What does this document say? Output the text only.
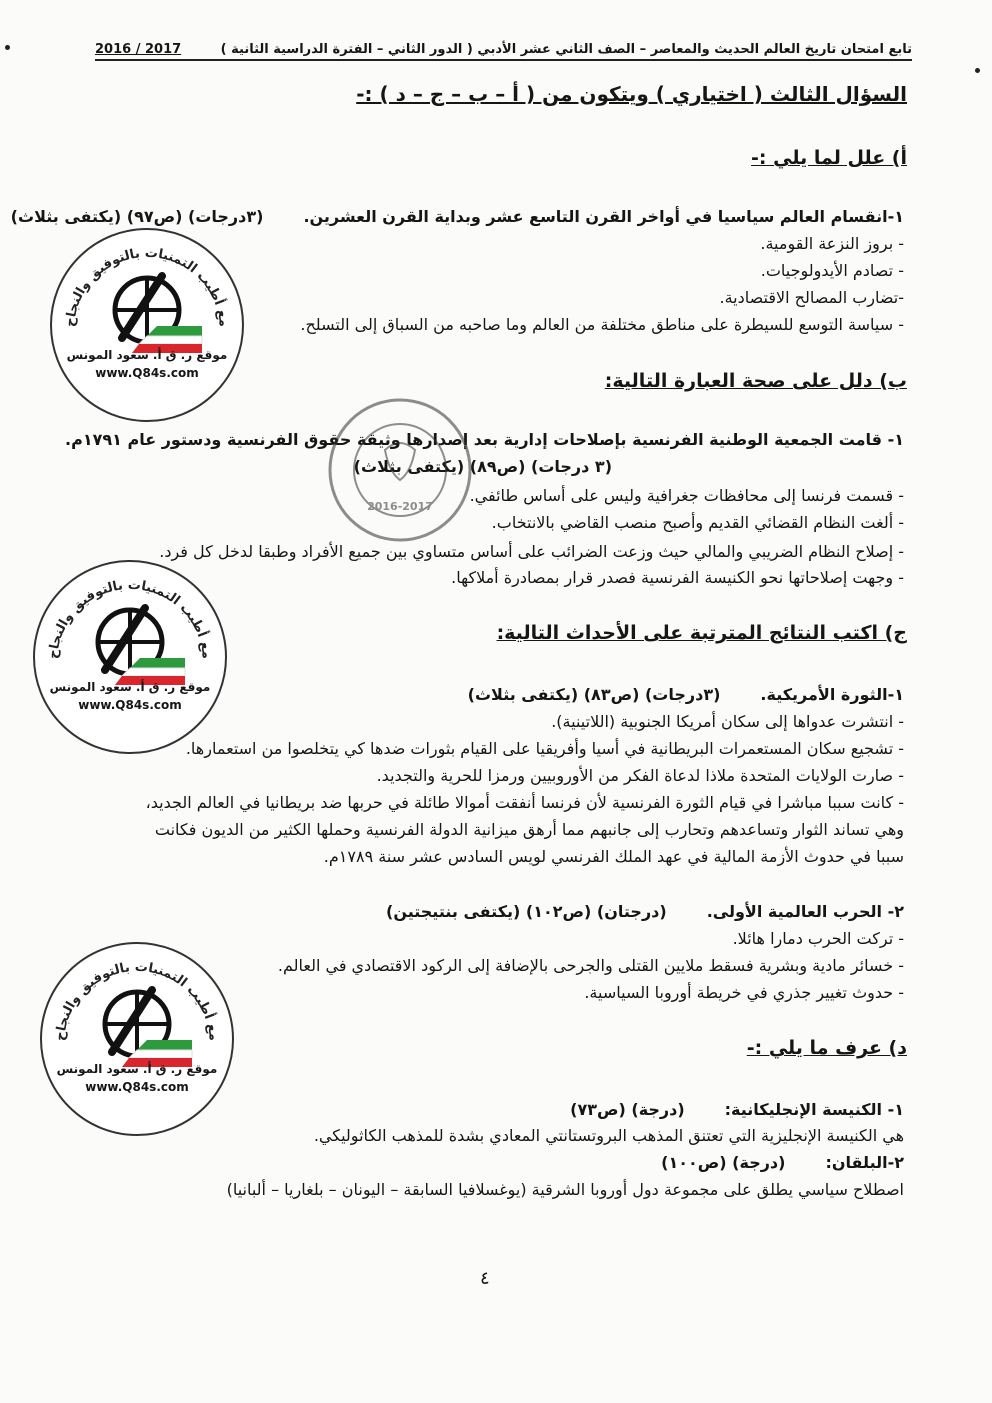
تابع امتحان تاريخ العالم الحديث والمعاصر – الصف الثاني عشر الأدبي ( الدور الثاني – الفترة الدراسية الثانية )
2016 / 2017
السؤال الثالث ( اختياري ) ويتكون من ( أ – ب – ج – د ) :-
أ) علل لما يلي :-
١-انقسام العالم سياسيا في أواخر القرن التاسع عشر وبداية القرن العشرين.(٣درجات) (ص٩٧) (يكتفى بثلاث)
- بروز النزعة القومية.
- تصادم الأيدولوجيات.
-تضارب المصالح الاقتصادية.
- سياسة التوسع للسيطرة على مناطق مختلفة من العالم وما صاحبه من السباق إلى التسلح.
ب) دلل على صحة العبارة التالية:
١- قامت الجمعية الوطنية الفرنسية بإصلاحات إدارية بعد إصدارها وثيقة حقوق الفرنسية ودستور عام ١٧٩١م.
(٣ درجات) (ص٨٩) (يكتفى بثلاث)
- قسمت فرنسا إلى محافظات جغرافية وليس على أساس طائفي.
- ألغت النظام القضائي القديم وأصبح منصب القاضي بالانتخاب.
- إصلاح النظام الضريبي والمالي حيث وزعت الضرائب على أساس متساوي بين جميع الأفراد وطبقا لدخل كل فرد.
- وجهت إصلاحاتها نحو الكنيسة الفرنسية فصدر قرار بمصادرة أملاكها.
ج) اكتب النتائج المترتبة على الأحداث التالية:
١-الثورة الأمريكية.(٣درجات) (ص٨٣) (يكتفى بثلاث)
- انتشرت عدواها إلى سكان أمريكا الجنوبية (اللاتينية).
- تشجيع سكان المستعمرات البريطانية في أسيا وأفريقيا على القيام بثورات ضدها كي يتخلصوا من استعمارها.
- صارت الولايات المتحدة ملاذا لدعاة الفكر من الأوروبيين ورمزا للحرية والتجديد.
- كانت سببا مباشرا في قيام الثورة الفرنسية لأن فرنسا أنفقت أموالا طائلة في حربها ضد بريطانيا في العالم الجديد،
وهي تساند الثوار وتساعدهم وتحارب إلى جانبهم مما أرهق ميزانية الدولة الفرنسية وحملها الكثير من الديون فكانت
سببا في حدوث الأزمة المالية في عهد الملك الفرنسي لويس السادس عشر سنة ١٧٨٩م.
٢- الحرب العالمية الأولى.(درجتان) (ص١٠٢) (يكتفى بنتيجتين)
- تركت الحرب دمارا هائلا.
- خسائر مادية وبشرية فسقط ملايين القتلى والجرحى بالإضافة إلى الركود الاقتصادي في العالم.
- حدوث تغيير جذري في خريطة أوروبا السياسية.
د) عرف ما يلي :-
١- الكنيسة الإنجليكانية:(درجة) (ص٧٣)
هي الكنيسة الإنجليزية التي تعتنق المذهب البروتستانتي المعادي بشدة للمذهب الكاثوليكي.
٢-البلقان:(درجة) (ص١٠٠)
اصطلاح سياسي يطلق على مجموعة دول أوروبا الشرقية (يوغسلافيا السابقة – اليونان – بلغاريا – ألبانيا)
٤
2016-2017
مع أطيب التمنيات بالتوفيق والنجاح
موقع ر. ق أ. سعود المونس
www.Q84s.com
مع أطيب التمنيات بالتوفيق والنجاح
موقع ر. ق أ. سعود المونس
www.Q84s.com
مع أطيب التمنيات بالتوفيق والنجاح
موقع ر. ق أ. سعود المونس
www.Q84s.com
